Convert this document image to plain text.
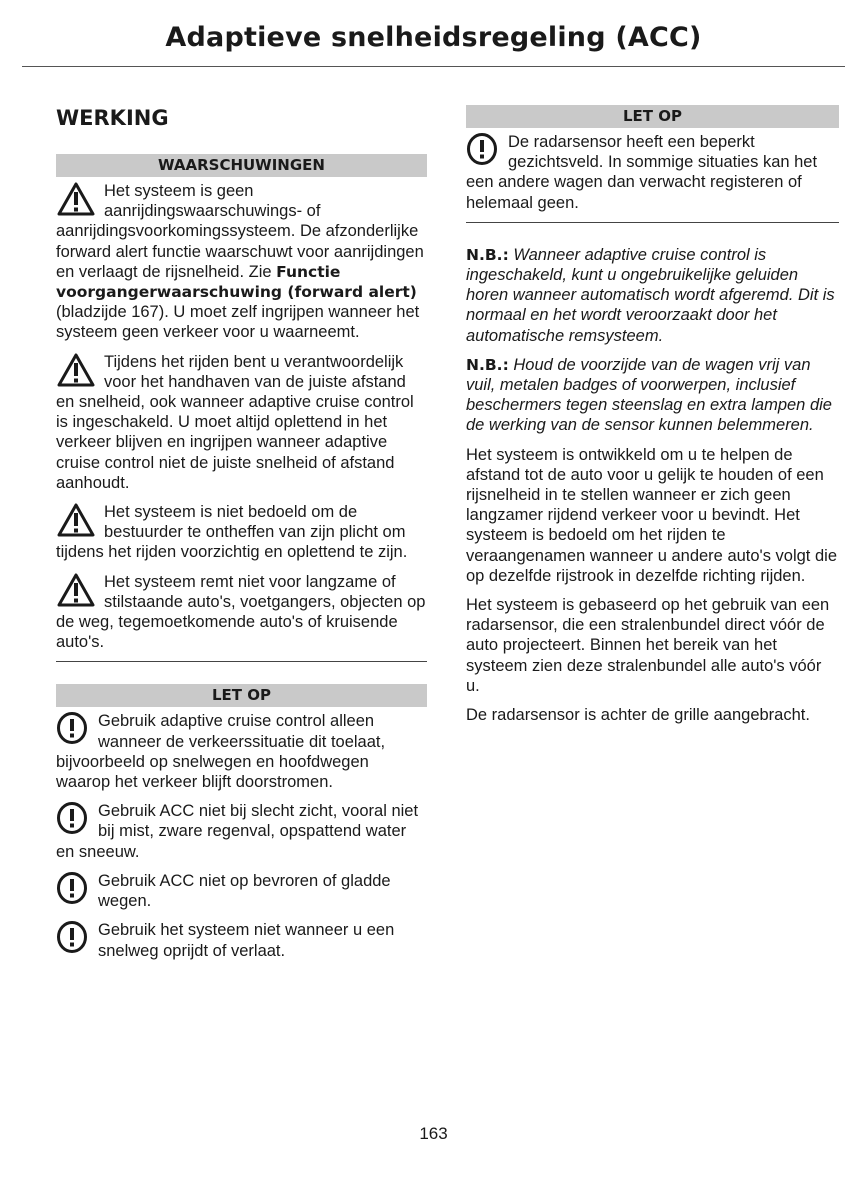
Adaptieve snelheidsregeling (ACC)
WERKING
WAARSCHUWINGEN

Het systeem is geen aanrijdingswaarschuwings- of aanrijdingsvoorkomingssysteem. De afzonderlijke forward alert functie waarschuwt voor aanrijdingen en verlaagt de rijsnelheid. Zie Functie voorgangerwaarschuwing (forward alert) (bladzijde 167). U moet zelf ingrijpen wanneer het systeem geen verkeer voor u waarneemt.

Tijdens het rijden bent u verantwoordelijk voor het handhaven van de juiste afstand en snelheid, ook wanneer adaptive cruise control is ingeschakeld. U moet altijd oplettend in het verkeer blijven en ingrijpen wanneer adaptive cruise control niet de juiste snelheid of afstand aanhoudt.

Het systeem is niet bedoeld om de bestuurder te ontheffen van zijn plicht om tijdens het rijden voorzichtig en oplettend te zijn.

Het systeem remt niet voor langzame of stilstaande auto's, voetgangers, objecten op de weg, tegemoetkomende auto's of kruisende auto's.

LET OP

Gebruik adaptive cruise control alleen wanneer de verkeerssituatie dit toelaat, bijvoorbeeld op snelwegen en hoofdwegen waarop het verkeer blijft doorstromen.

Gebruik ACC niet bij slecht zicht, vooral niet bij mist, zware regenval, opspattend water en sneeuw.

Gebruik ACC niet op bevroren of gladde wegen.

Gebruik het systeem niet wanneer u een snelweg oprijdt of verlaat.

LET OP

De radarsensor heeft een beperkt gezichtsveld. In sommige situaties kan het een andere wagen dan verwacht registeren of helemaal geen.

N.B.: Wanneer adaptive cruise control is ingeschakeld, kunt u ongebruikelijke geluiden horen wanneer automatisch wordt afgeremd. Dit is normaal en het wordt veroorzaakt door het automatische remsysteem.

N.B.: Houd de voorzijde van de wagen vrij van vuil, metalen badges of voorwerpen, inclusief beschermers tegen steenslag en extra lampen die de werking van de sensor kunnen belemmeren.

Het systeem is ontwikkeld om u te helpen de afstand tot de auto voor u gelijk te houden of een rijsnelheid in te stellen wanneer er zich geen langzamer rijdend verkeer voor u bevindt. Het systeem is bedoeld om het rijden te veraangenamen wanneer u andere auto's volgt die op dezelfde rijstrook in dezelfde richting rijden.

Het systeem is gebaseerd op het gebruik van een radarsensor, die een stralenbundel direct vóór de auto projecteert. Binnen het bereik van het systeem zien deze stralenbundel alle auto's vóór u.

De radarsensor is achter de grille aangebracht.

163
